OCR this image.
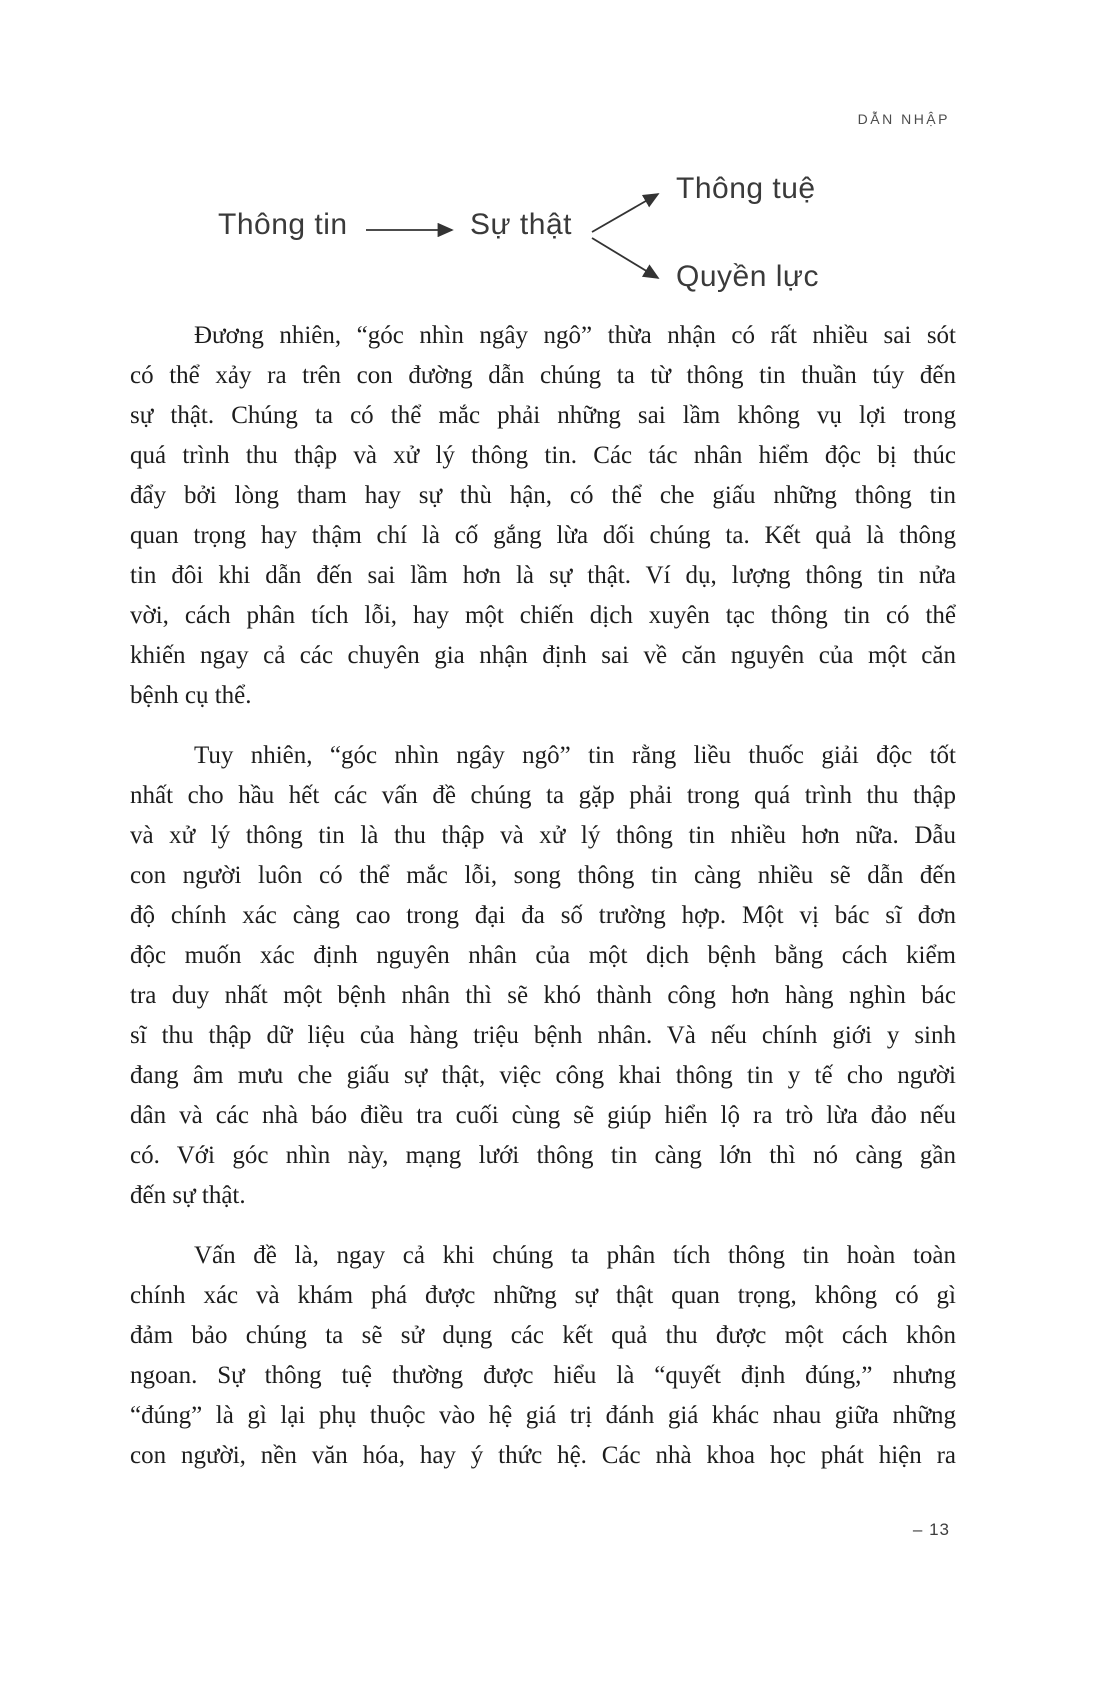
DẪN NHẬP
Thông tin	Sự thật
Thông tuệ
Quyền lực
Đương nhiên, “góc nhìn ngây ngô” thừa nhận có rất nhiều sai sót
có thể xảy ra trên con đường dẫn chúng ta từ thông tin thuần túy đến
sự thật. Chúng ta có thể mắc phải những sai lầm không vụ lợi trong
quá trình thu thập và xử lý thông tin. Các tác nhân hiểm độc bị thúc
đẩy bởi lòng tham hay sự thù hận, có thể che giấu những thông tin
quan trọng hay thậm chí là cố gắng lừa dối chúng ta. Kết quả là thông
tin đôi khi dẫn đến sai lầm hơn là sự thật. Ví dụ, lượng thông tin nửa
vời, cách phân tích lỗi, hay một chiến dịch xuyên tạc thông tin có thể
khiến ngay cả các chuyên gia nhận định sai về căn nguyên của một căn
bệnh cụ thể.
Tuy nhiên, “góc nhìn ngây ngô” tin rằng liều thuốc giải độc tốt
nhất cho hầu hết các vấn đề chúng ta gặp phải trong quá trình thu thập
và xử lý thông tin là thu thập và xử lý thông tin nhiều hơn nữa. Dẫu
con người luôn có thể mắc lỗi, song thông tin càng nhiều sẽ dẫn đến
độ chính xác càng cao trong đại đa số trường hợp. Một vị bác sĩ đơn
độc muốn xác định nguyên nhân của một dịch bệnh bằng cách kiểm
tra duy nhất một bệnh nhân thì sẽ khó thành công hơn hàng nghìn bác
sĩ thu thập dữ liệu của hàng triệu bệnh nhân. Và nếu chính giới y sinh
đang âm mưu che giấu sự thật, việc công khai thông tin y tế cho người
dân và các nhà báo điều tra cuối cùng sẽ giúp hiển lộ ra trò lừa đảo nếu
có. Với góc nhìn này, mạng lưới thông tin càng lớn thì nó càng gần
đến sự thật.
Vấn đề là, ngay cả khi chúng ta phân tích thông tin hoàn toàn
chính xác và khám phá được những sự thật quan trọng, không có gì
đảm bảo chúng ta sẽ sử dụng các kết quả thu được một cách khôn
ngoan. Sự thông tuệ thường được hiểu là “quyết định đúng,” nhưng
“đúng” là gì lại phụ thuộc vào hệ giá trị đánh giá khác nhau giữa những
con người, nền văn hóa, hay ý thức hệ. Các nhà khoa học phát hiện ra
– 13
